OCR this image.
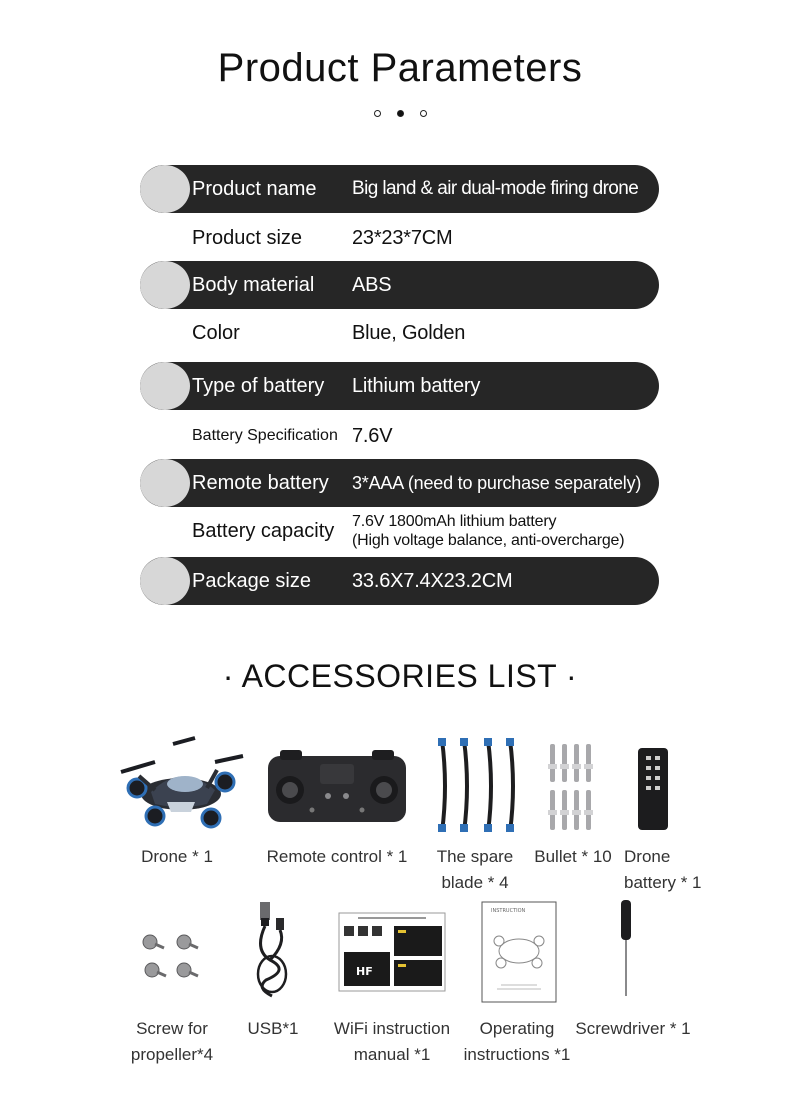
Product Parameters
Product name Big land & air dual-mode firing drone
Product size 23*23*7CM
Body material ABS
Color	Blue, Golden
Type of battery Lithium battery
Battery Specification 7.6V
Remote battery 3*AAA (need to purchase separately)
Battery capacity 7.6V 1800mAh lithium battery
(High voltage balance, anti-overcharge)
Package size 33.6X7.4X23.2CM
· ACCESSORIES LIST ·
Drone * 1	Remote control * 1	The spare
blade * 4
Bullet * 10 Drone
battery * 1
HF
INSTRUCTION
Screw for
propeller*4
USB*1	WiFi instruction
manual *1
Operating
instructions *1
Screwdriver * 1
